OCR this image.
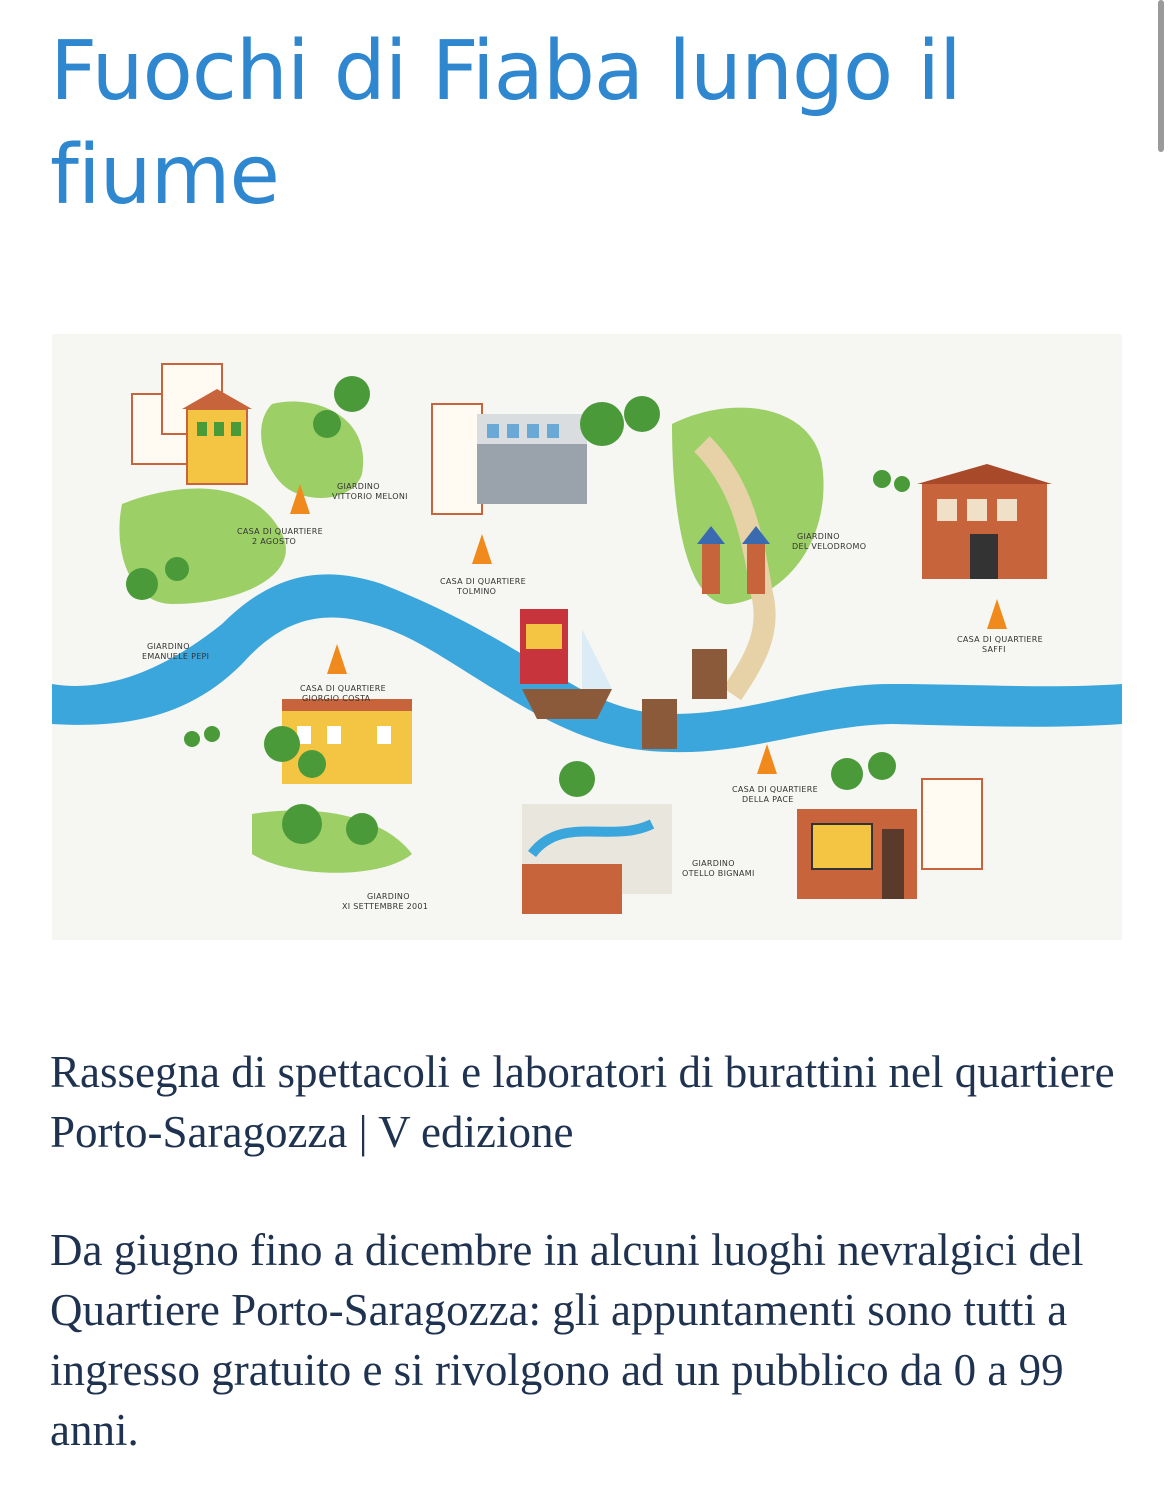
Fuochi di Fiaba lungo il fiume
GIARDINO
VITTORIO MELONI
CASA DI QUARTIERE
2 AGOSTO
CASA DI QUARTIERE
TOLMINO
GIARDINO
DEL VELODROMO
GIARDINO
EMANUELE PEPI
CASA DI QUARTIERE
GIORGIO COSTA
CASA DI QUARTIERE
SAFFI
CASA DI QUARTIERE
DELLA PACE
GIARDINO
OTELLO BIGNAMI
GIARDINO
XI SETTEMBRE 2001

Rassegna di spettacoli e laboratori di burattini nel quartiere Porto-Saragozza | V edizione

Da giugno fino a dicembre in alcuni luoghi nevralgici del Quartiere Porto-Saragozza: gli appuntamenti sono tutti a ingresso gratuito e si rivolgono ad un pubblico da 0 a 99 anni.
